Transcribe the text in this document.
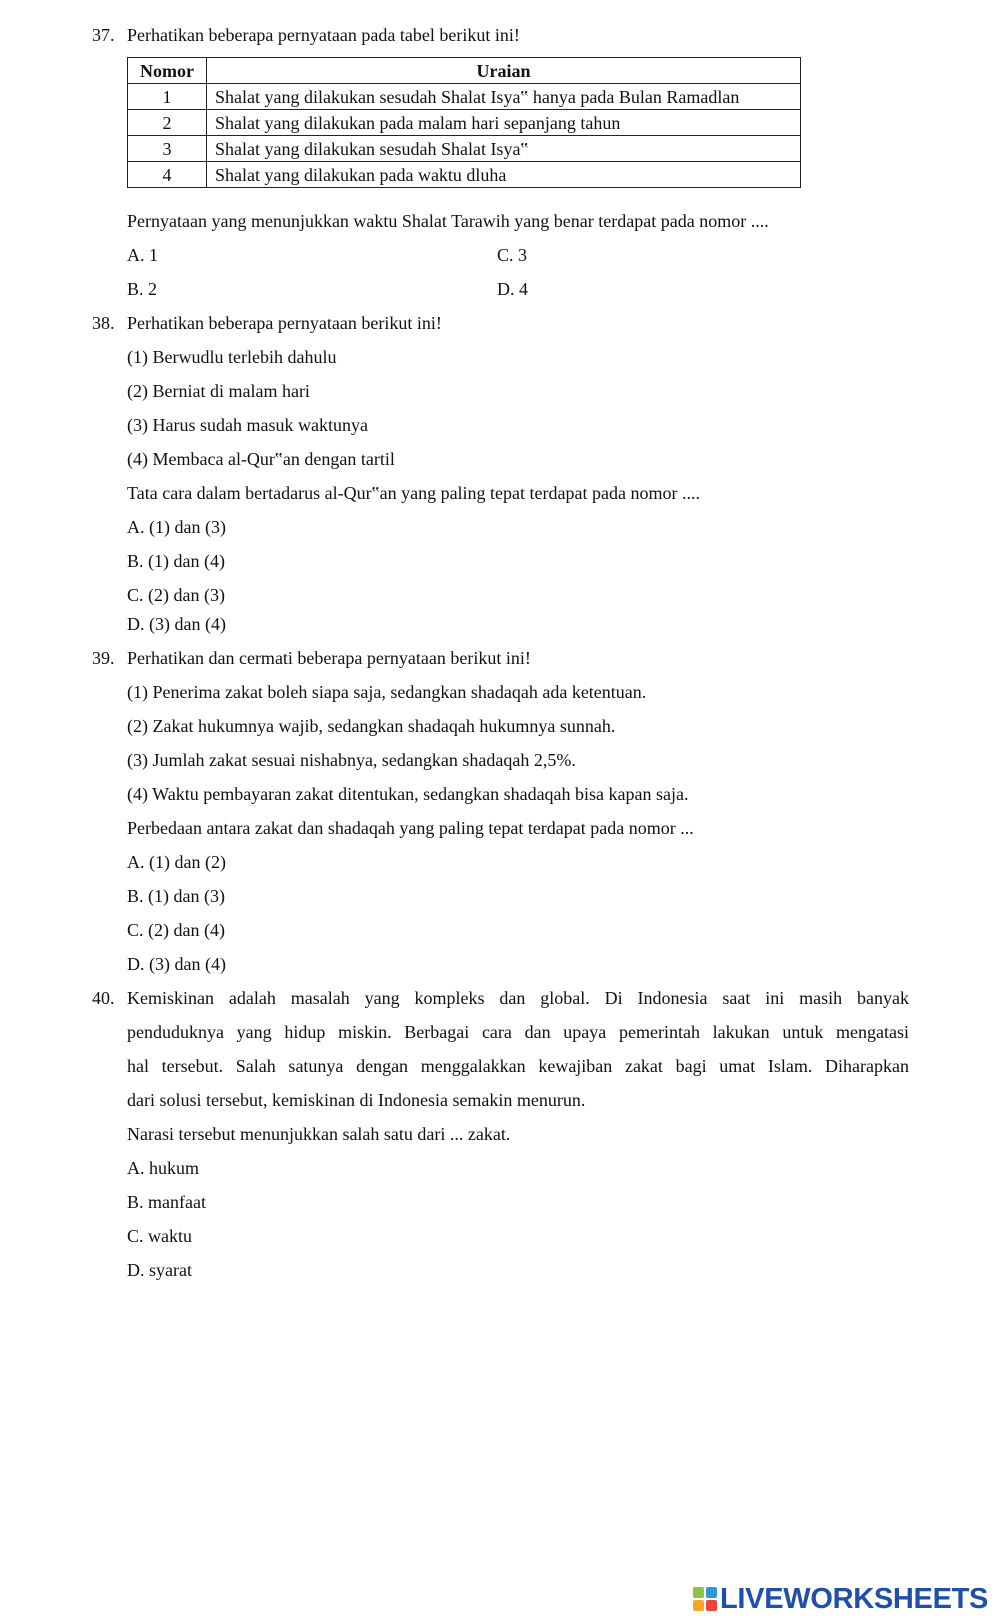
37. Perhatikan beberapa pernyataan pada tabel berikut ini!
Nomor	Uraian
1	Shalat yang dilakukan sesudah Shalat Isya‟ hanya pada Bulan Ramadlan
2	Shalat yang dilakukan pada malam hari sepanjang tahun
3	Shalat yang dilakukan sesudah Shalat Isya‟
4	Shalat yang dilakukan pada waktu dluha
Pernyataan yang menunjukkan waktu Shalat Tarawih yang benar terdapat pada nomor ....
A. 1
B. 2
C. 3
D. 4
38. Perhatikan beberapa pernyataan berikut ini!
(1) Berwudlu terlebih dahulu
(2) Berniat di malam hari
(3) Harus sudah masuk waktunya
(4) Membaca al-Qur‟an dengan tartil
Tata cara dalam bertadarus al-Qur‟an yang paling tepat terdapat pada nomor ....
A. (1) dan (3)
B. (1) dan (4)
C. (2) dan (3)
D. (3) dan (4)
39. Perhatikan dan cermati beberapa pernyataan berikut ini!
(1) Penerima zakat boleh siapa saja, sedangkan shadaqah ada ketentuan.
(2) Zakat hukumnya wajib, sedangkan shadaqah hukumnya sunnah.
(3) Jumlah zakat sesuai nishabnya, sedangkan shadaqah 2,5%.
(4) Waktu pembayaran zakat ditentukan, sedangkan shadaqah bisa kapan saja.
Perbedaan antara zakat dan shadaqah yang paling tepat terdapat pada nomor ...
A. (1) dan (2)
B. (1) dan (3)
C. (2) dan (4)
D. (3) dan (4)
40. Kemiskinan adalah masalah yang kompleks dan global. Di Indonesia saat ini masih banyak
penduduknya yang hidup miskin. Berbagai cara dan upaya pemerintah lakukan untuk mengatasi
hal tersebut. Salah satunya dengan menggalakkan kewajiban zakat bagi umat Islam. Diharapkan
dari solusi tersebut, kemiskinan di Indonesia semakin menurun.
Narasi tersebut menunjukkan salah satu dari ... zakat.
A. hukum
B. manfaat
C. waktu
D. syarat
LIVEWORKSHEETS
